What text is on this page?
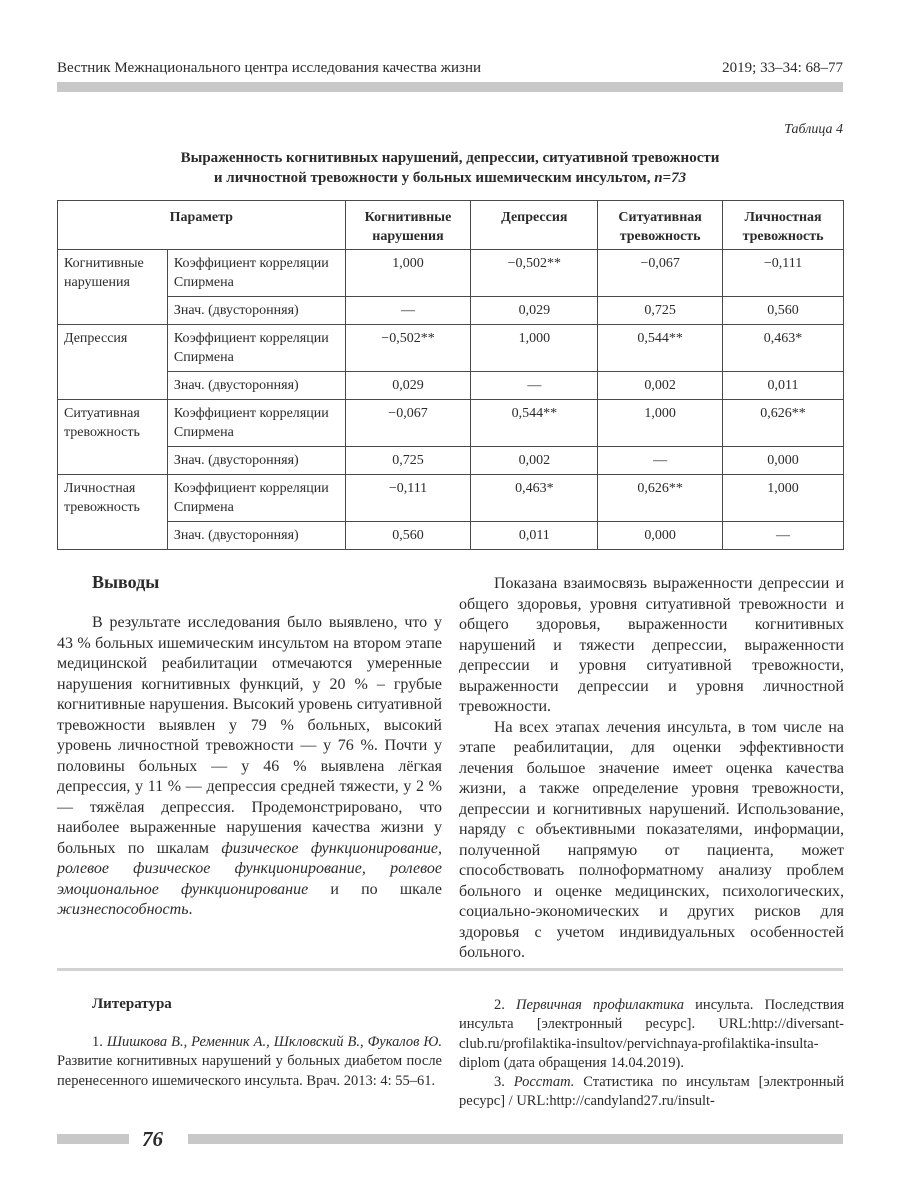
Вестник Межнационального центра исследования качества жизни	2019; 33–34: 68–77
Таблица 4
Выраженность когнитивных нарушений, депрессии, ситуативной тревожности
и личностной тревожности у больных ишемическим инсультом, n=73
Параметр		Когнитивные нарушения	Депрессия	Ситуативная тревожность	Личностная тревожность
Когнитивные нарушения	Коэффициент корреляции Спирмена	1,000	−0,502**	−0,067	−0,111
	Знач. (двусторонняя)	—	0,029	0,725	0,560
Депрессия	Коэффициент корреляции Спирмена	−0,502**	1,000	0,544**	0,463*
	Знач. (двусторонняя)	0,029	—	0,002	0,011
Ситуативная тревожность	Коэффициент корреляции Спирмена	−0,067	0,544**	1,000	0,626**
	Знач. (двусторонняя)	0,725	0,002	—	0,000
Личностная тревожность	Коэффициент корреляции Спирмена	−0,111	0,463*	0,626**	1,000
	Знач. (двусторонняя)	0,560	0,011	0,000	—
Выводы

В результате исследования было выявлено, что у 43 % больных ишемическим инсультом на втором этапе медицинской реабилитации отмечаются умеренные нарушения когнитивных функций, у 20 % – грубые когнитивные нарушения. Высокий уровень ситуативной тревожности выявлен у 79 % больных, высокий уровень личностной тревожности — у 76 %. Почти у половины больных — у 46 % выявлена лёгкая депрессия, у 11 % — депрессия средней тяжести, у 2 % — тяжёлая депрессия. Продемонстрировано, что наиболее выраженные нарушения качества жизни у больных по шкалам физическое функционирование, ролевое физическое функционирование, ролевое эмоциональное функционирование и по шкале жизнеспособность.

Показана взаимосвязь выраженности депрессии и общего здоровья, уровня ситуативной тревожности и общего здоровья, выраженности когнитивных нарушений и тяжести депрессии, выраженности депрессии и уровня ситуативной тревожности, выраженности депрессии и уровня личностной тревожности.

На всех этапах лечения инсульта, в том числе на этапе реабилитации, для оценки эффективности лечения большое значение имеет оценка качества жизни, а также определение уровня тревожности, депрессии и когнитивных нарушений. Использование, наряду с объективными показателями, информации, полученной напрямую от пациента, может способствовать полноформатному анализу проблем больного и оценке медицинских, психологических, социально-экономических и других рисков для здоровья с учетом индивидуальных особенностей больного.

Литература

1. Шишкова В., Ременник А., Шкловский В., Фукалов Ю. Развитие когнитивных нарушений у больных диабетом после перенесенного ишемического инсульта. Врач. 2013: 4: 55–61.

2. Первичная профилактика инсульта. Последствия инсульта [электронный ресурс]. URL:http://diversant-club.ru/profilaktika-insultov/pervichnaya-profilaktika-insulta-diplom (дата обращения 14.04.2019).

3. Росстат. Статистика по инсультам [электронный ресурс] / URL:http://candyland27.ru/insult-

76
